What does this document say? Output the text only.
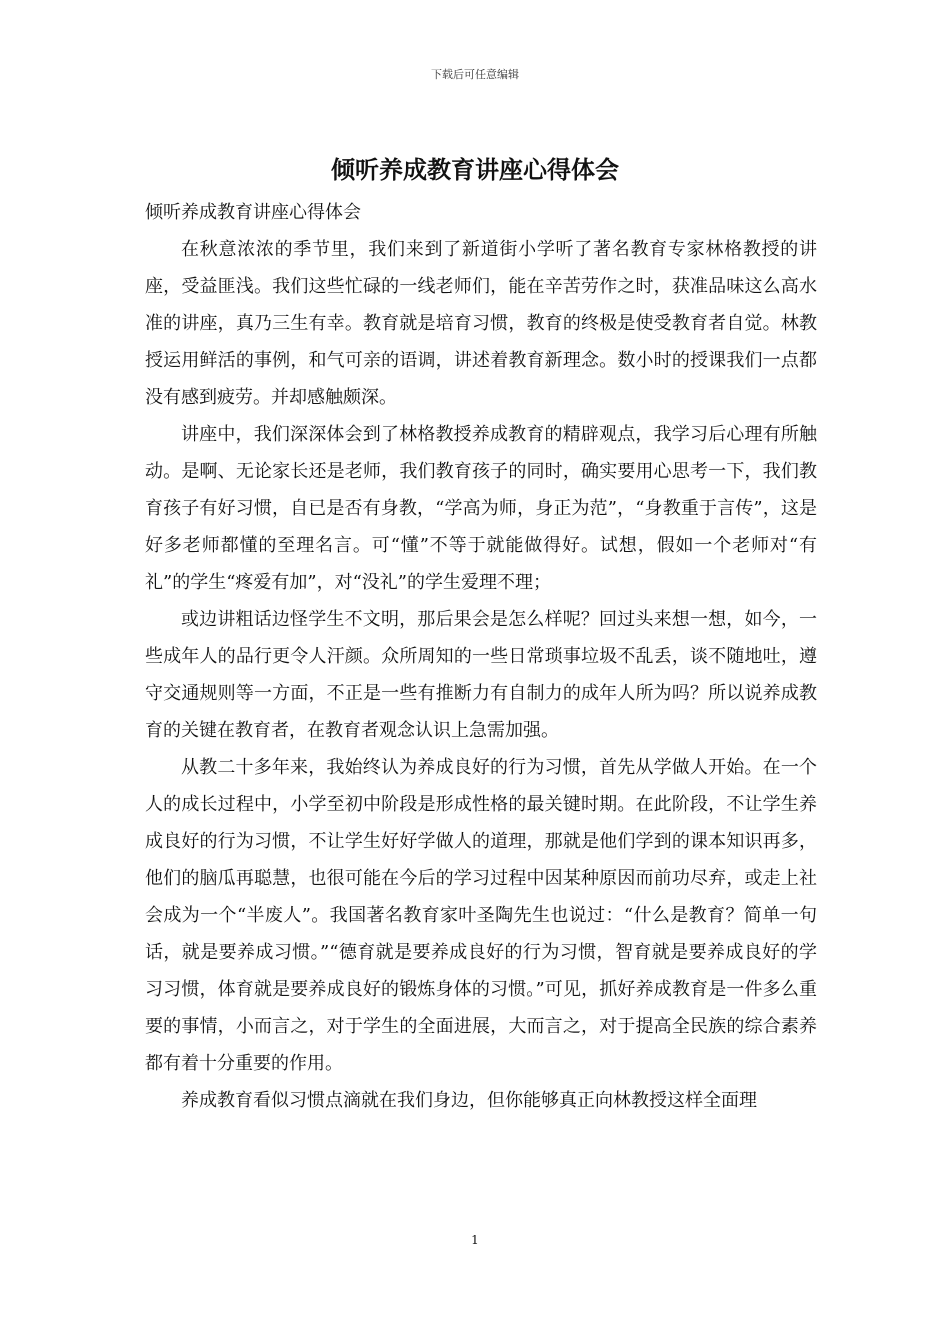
下载后可任意编辑
倾听养成教育讲座心得体会

倾听养成教育讲座心得体会

在秋意浓浓的季节里，我们来到了新道街小学听了著名教育专家林格教授的讲座，受益匪浅。我们这些忙碌的一线老师们，能在辛苦劳作之时，获准品味这么高水准的讲座，真乃三生有幸。教育就是培育习惯，教育的终极是使受教育者自觉。林教授运用鲜活的事例，和气可亲的语调，讲述着教育新理念。数小时的授课我们一点都没有感到疲劳。并却感触颇深。

讲座中，我们深深体会到了林格教授养成教育的精辟观点，我学习后心理有所触动。是啊、无论家长还是老师，我们教育孩子的同时，确实要用心思考一下，我们教育孩子有好习惯，自已是否有身教，“学高为师，身正为范”，“身教重于言传”，这是好多老师都懂的至理名言。可“懂”不等于就能做得好。试想，假如一个老师对“有礼”的学生“疼爱有加”，对“没礼”的学生爱理不理；

或边讲粗话边怪学生不文明，那后果会是怎么样呢？回过头来想一想，如今，一些成年人的品行更令人汗颜。众所周知的一些日常琐事垃圾不乱丢，谈不随地吐，遵守交通规则等一方面，不正是一些有推断力有自制力的成年人所为吗？所以说养成教育的关键在教育者，在教育者观念认识上急需加强。

从教二十多年来，我始终认为养成良好的行为习惯，首先从学做人开始。在一个人的成长过程中，小学至初中阶段是形成性格的最关键时期。在此阶段，不让学生养成良好的行为习惯，不让学生好好学做人的道理，那就是他们学到的课本知识再多，他们的脑瓜再聪慧，也很可能在今后的学习过程中因某种原因而前功尽弃，或走上社会成为一个“半废人”。我国著名教育家叶圣陶先生也说过：“什么是教育？简单一句话，就是要养成习惯。”“德育就是要养成良好的行为习惯，智育就是要养成良好的学习习惯，体育就是要养成良好的锻炼身体的习惯。”可见，抓好养成教育是一件多么重要的事情，小而言之，对于学生的全面进展，大而言之，对于提高全民族的综合素养都有着十分重要的作用。

养成教育看似习惯点滴就在我们身边，但你能够真正向林教授这样全面理

1
